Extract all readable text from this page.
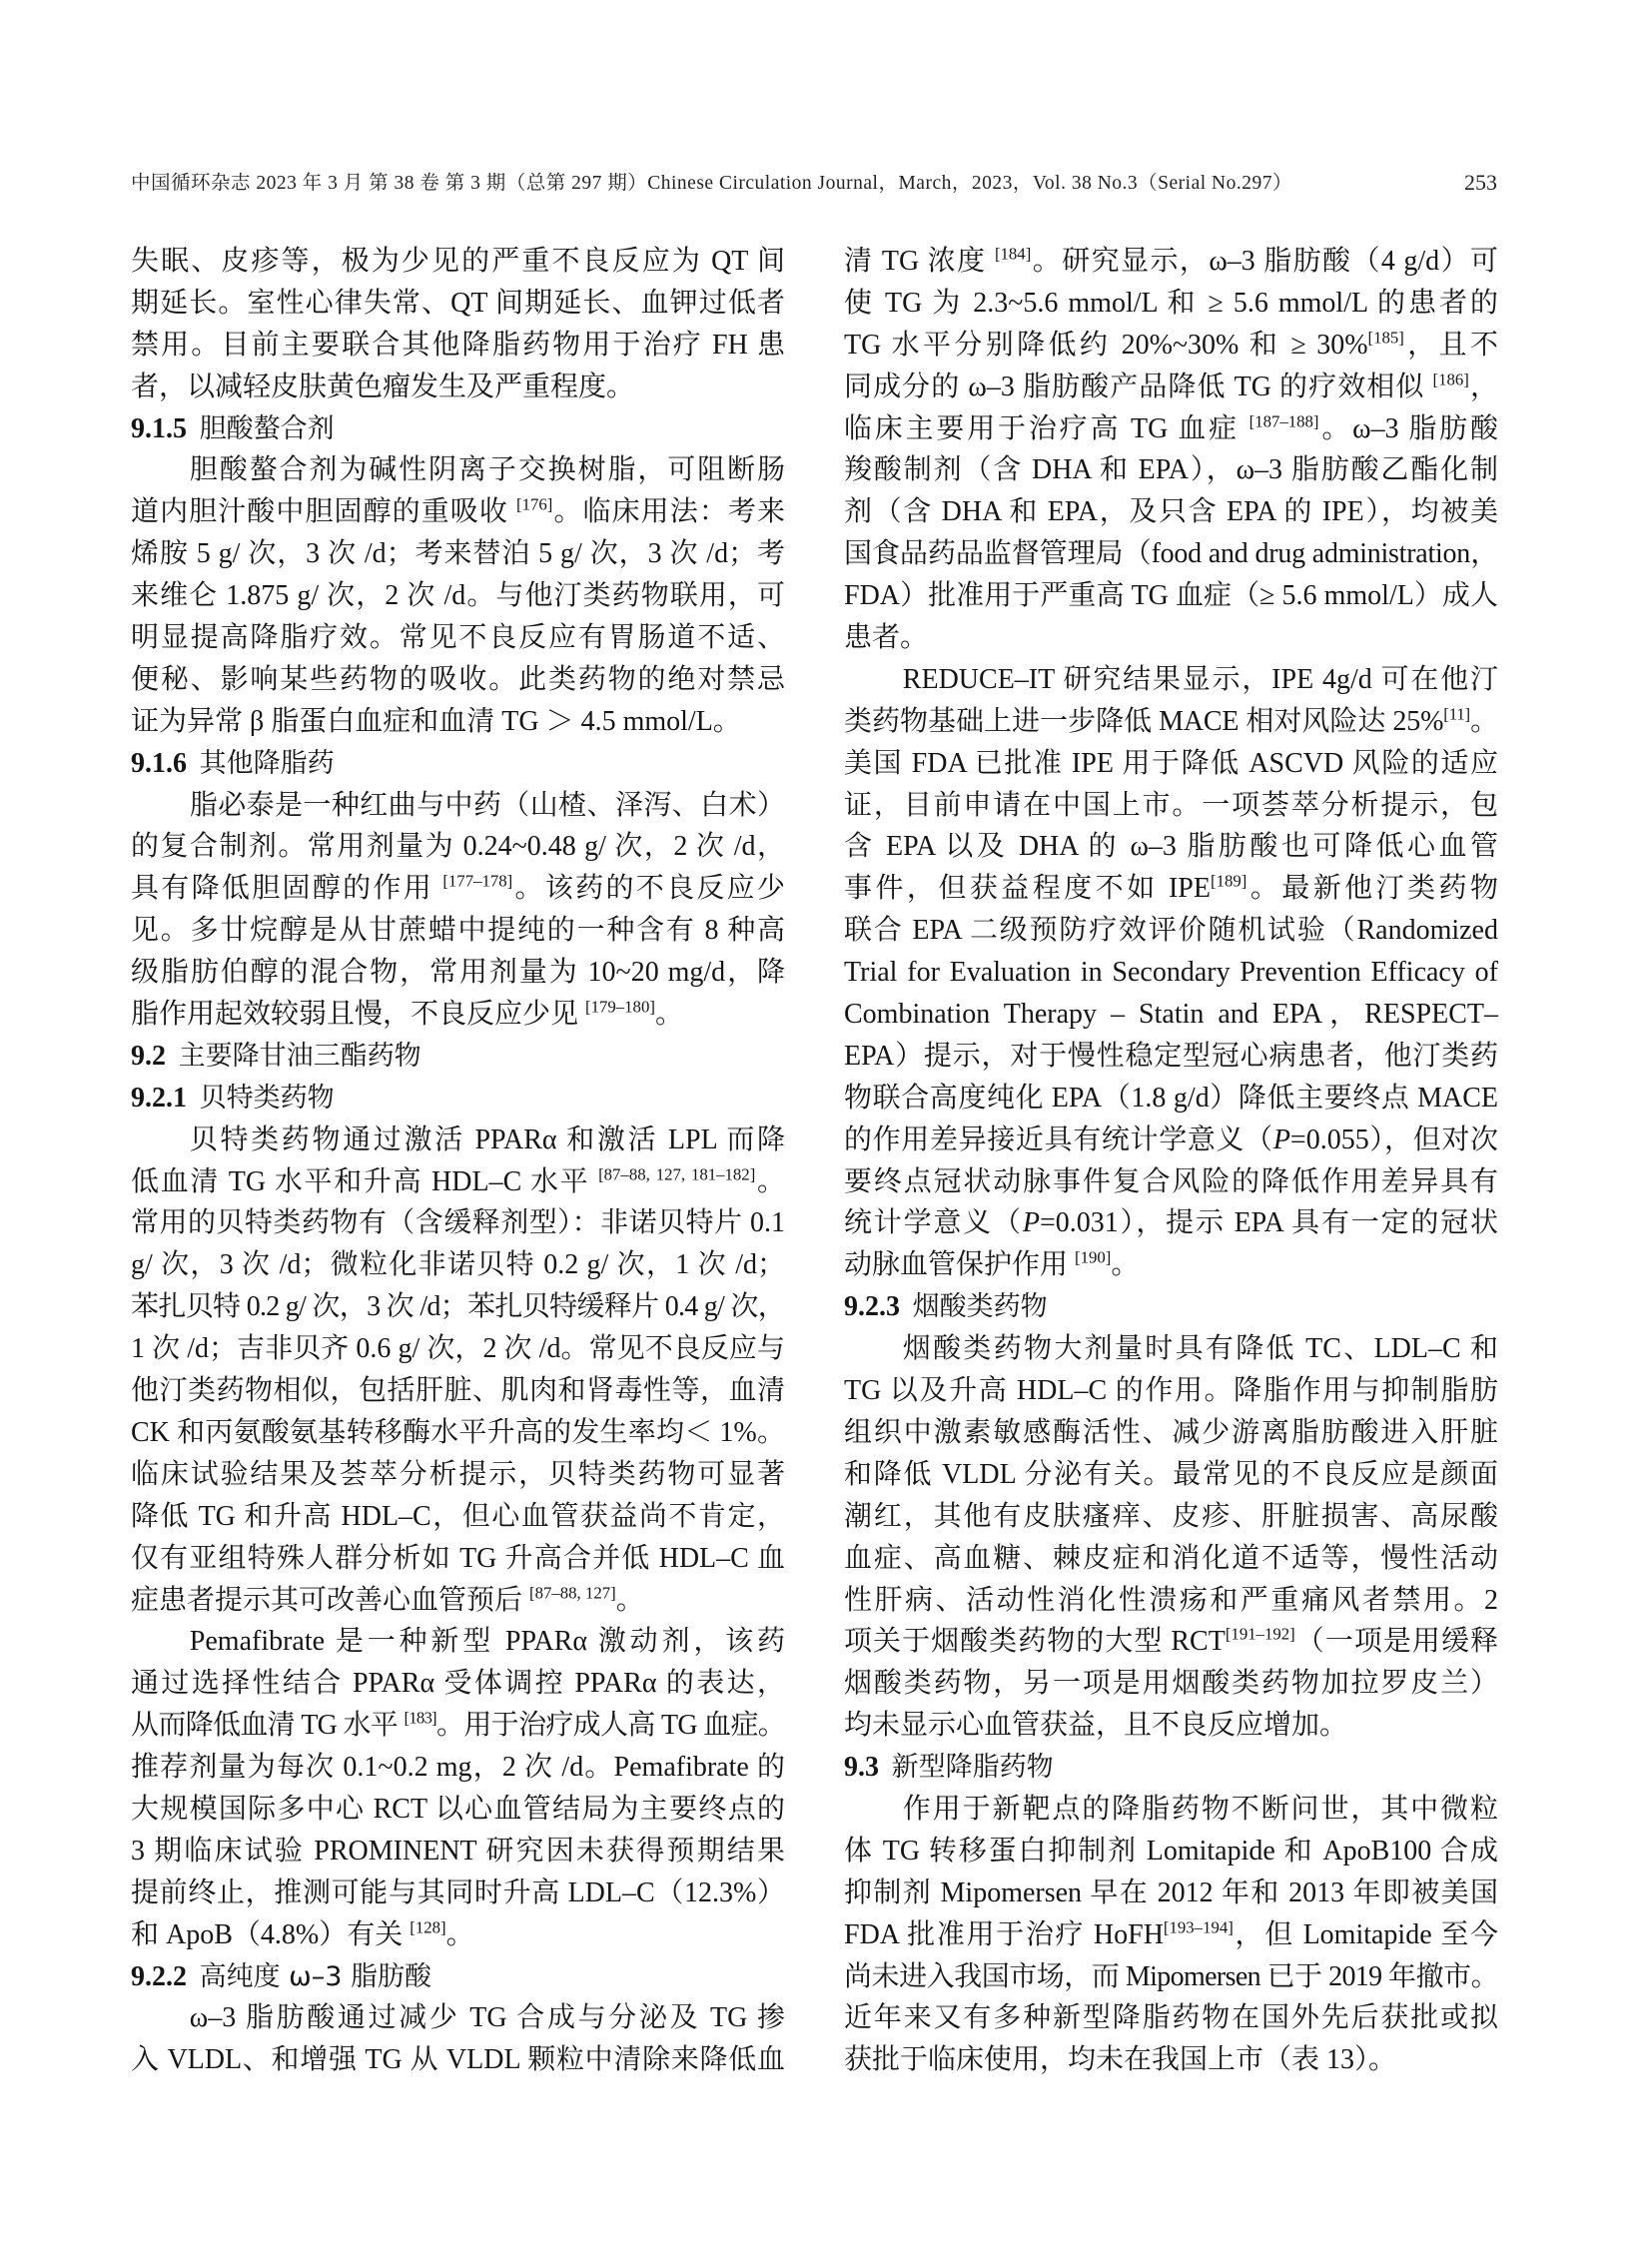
中国循环杂志 2023 年 3 月 第 38 卷 第 3 期（总第 297 期）Chinese Circulation Journal，March，2023，Vol. 38 No.3（Serial No.297）	253
失眠、皮疹等，极为少见的严重不良反应为 QT 间
期延长。室性心律失常、QT 间期延长、血钾过低者
禁用。目前主要联合其他降脂药物用于治疗 FH 患
者，以减轻皮肤黄色瘤发生及严重程度。
9.1.5 胆酸螯合剂
胆酸螯合剂为碱性阴离子交换树脂，可阻断肠
道内胆汁酸中胆固醇的重吸收 [176]。临床用法：考来
烯胺 5 g/ 次，3 次 /d；考来替泊 5 g/ 次，3 次 /d；考
来维仑 1.875 g/ 次，2 次 /d。与他汀类药物联用，可
明显提高降脂疗效。常见不良反应有胃肠道不适、
便秘、影响某些药物的吸收。此类药物的绝对禁忌
证为异常 β 脂蛋白血症和血清 TG ＞ 4.5 mmol/L。
9.1.6 其他降脂药
脂必泰是一种红曲与中药（山楂、泽泻、白术）
的复合制剂。常用剂量为 0.24~0.48 g/ 次，2 次 /d，
具有降低胆固醇的作用 [177–178]。该药的不良反应少
见。多廿烷醇是从甘蔗蜡中提纯的一种含有 8 种高
级脂肪伯醇的混合物，常用剂量为 10~20 mg/d，降
脂作用起效较弱且慢，不良反应少见 [179–180]。
9.2 主要降甘油三酯药物
9.2.1 贝特类药物
贝特类药物通过激活 PPARα 和激活 LPL 而降
低血清 TG 水平和升高 HDL–C 水平 [87–88, 127, 181–182]。
常用的贝特类药物有（含缓释剂型）：非诺贝特片 0.1
g/ 次，3 次 /d；微粒化非诺贝特 0.2 g/ 次，1 次 /d；
苯扎贝特 0.2 g/ 次，3 次 /d；苯扎贝特缓释片 0.4 g/ 次，
1 次 /d；吉非贝齐 0.6 g/ 次，2 次 /d。常见不良反应与
他汀类药物相似，包括肝脏、肌肉和肾毒性等，血清
CK 和丙氨酸氨基转移酶水平升高的发生率均＜ 1%。
临床试验结果及荟萃分析提示，贝特类药物可显著
降低 TG 和升高 HDL–C，但心血管获益尚不肯定，
仅有亚组特殊人群分析如 TG 升高合并低 HDL–C 血
症患者提示其可改善心血管预后 [87–88, 127]。
Pemafibrate 是一种新型 PPARα 激动剂，该药
通过选择性结合 PPARα 受体调控 PPARα 的表达，
从而降低血清 TG 水平 [183]。用于治疗成人高 TG 血症。
推荐剂量为每次 0.1~0.2 mg，2 次 /d。Pemafibrate 的
大规模国际多中心 RCT 以心血管结局为主要终点的
3 期临床试验 PROMINENT 研究因未获得预期结果
提前终止，推测可能与其同时升高 LDL–C（12.3%）
和 ApoB（4.8%）有关 [128]。
9.2.2 高纯度 ω–3 脂肪酸
ω–3 脂肪酸通过减少 TG 合成与分泌及 TG 掺
入 VLDL、和增强 TG 从 VLDL 颗粒中清除来降低血
清 TG 浓度 [184]。研究显示，ω–3 脂肪酸（4 g/d）可
使 TG 为 2.3~5.6 mmol/L 和 ≥ 5.6 mmol/L 的患者的
TG 水平分别降低约 20%~30% 和 ≥ 30%[185]，且不
同成分的 ω–3 脂肪酸产品降低 TG 的疗效相似 [186]，
临床主要用于治疗高 TG 血症 [187–188]。ω–3 脂肪酸
羧酸制剂（含 DHA 和 EPA），ω–3 脂肪酸乙酯化制
剂（含 DHA 和 EPA，及只含 EPA 的 IPE），均被美
国食品药品监督管理局（food and drug administration，
FDA）批准用于严重高 TG 血症（≥ 5.6 mmol/L）成人
患者。
REDUCE–IT 研究结果显示，IPE 4g/d 可在他汀
类药物基础上进一步降低 MACE 相对风险达 25%[11]。
美国 FDA 已批准 IPE 用于降低 ASCVD 风险的适应
证，目前申请在中国上市。一项荟萃分析提示，包
含 EPA 以及 DHA 的 ω–3 脂肪酸也可降低心血管
事件，但获益程度不如 IPE[189]。最新他汀类药物
联合 EPA 二级预防疗效评价随机试验（Randomized
Trial for Evaluation in Secondary Prevention Efficacy of
Combination Therapy – Statin and EPA，RESPECT–
EPA）提示，对于慢性稳定型冠心病患者，他汀类药
物联合高度纯化 EPA（1.8 g/d）降低主要终点 MACE
的作用差异接近具有统计学意义（P=0.055），但对次
要终点冠状动脉事件复合风险的降低作用差异具有
统计学意义（P=0.031），提示 EPA 具有一定的冠状
动脉血管保护作用 [190]。
9.2.3 烟酸类药物
烟酸类药物大剂量时具有降低 TC、LDL–C 和
TG 以及升高 HDL–C 的作用。降脂作用与抑制脂肪
组织中激素敏感酶活性、减少游离脂肪酸进入肝脏
和降低 VLDL 分泌有关。最常见的不良反应是颜面
潮红，其他有皮肤瘙痒、皮疹、肝脏损害、高尿酸
血症、高血糖、棘皮症和消化道不适等，慢性活动
性肝病、活动性消化性溃疡和严重痛风者禁用。2
项关于烟酸类药物的大型 RCT[191–192]（一项是用缓释
烟酸类药物，另一项是用烟酸类药物加拉罗皮兰）
均未显示心血管获益，且不良反应增加。
9.3 新型降脂药物
作用于新靶点的降脂药物不断问世，其中微粒
体 TG 转移蛋白抑制剂 Lomitapide 和 ApoB100 合成
抑制剂 Mipomersen 早在 2012 年和 2013 年即被美国
FDA 批准用于治疗 HoFH[193–194]，但 Lomitapide 至今
尚未进入我国市场，而 Mipomersen 已于 2019 年撤市。
近年来又有多种新型降脂药物在国外先后获批或拟
获批于临床使用，均未在我国上市（表 13）。
